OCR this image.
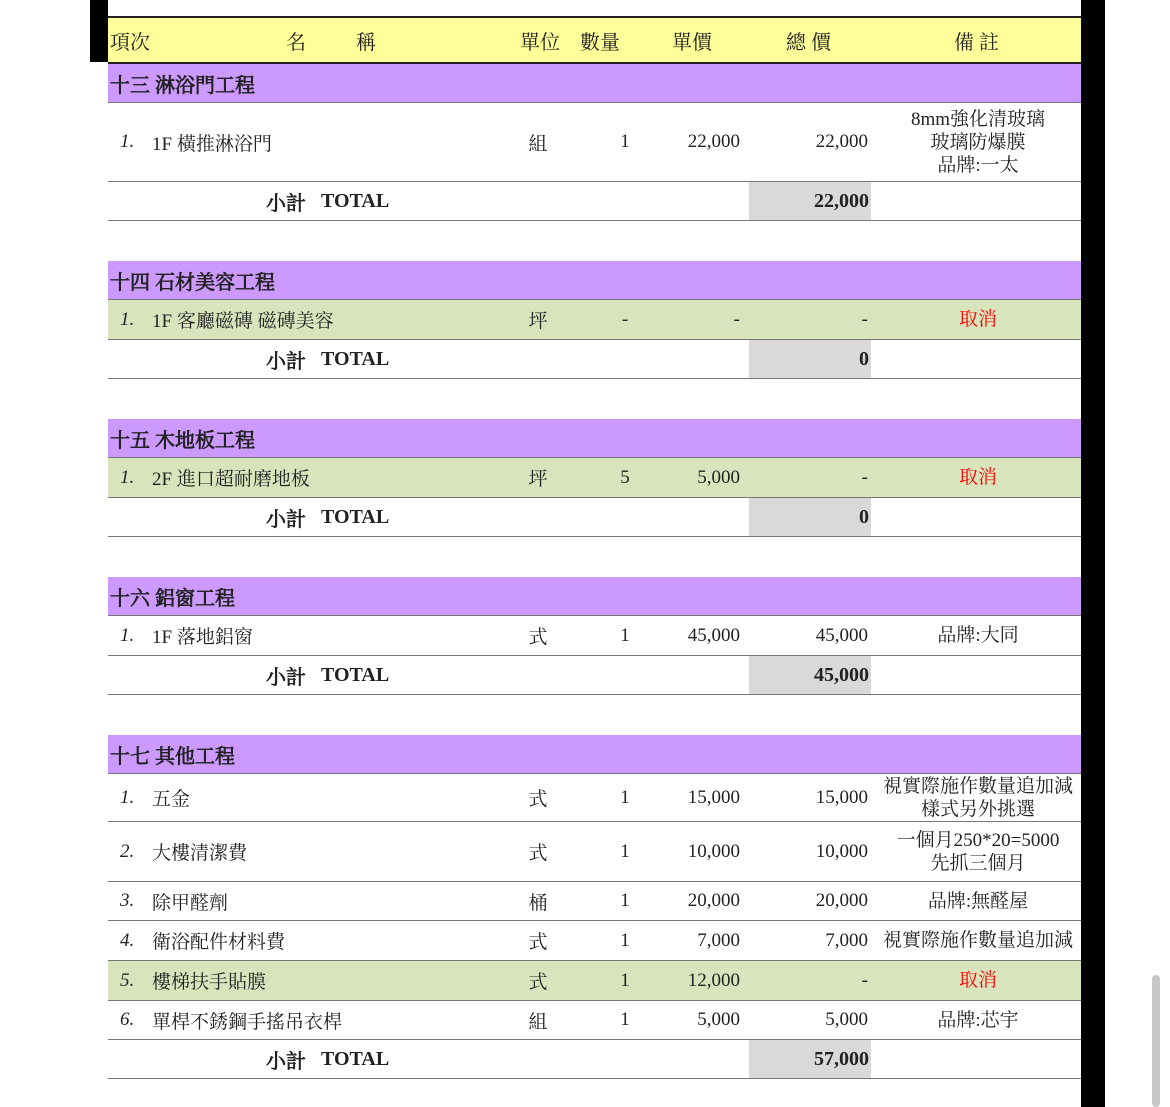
項次	名	稱	單位 數量	單價	總 價	備 註
十三 淋浴門工程
1. 1F 橫推淋浴門	組	1	22,000	22,000
8mm強化清玻璃
玻璃防爆膜
品牌:一太
小計
TOTAL	22,000
十四 石材美容工程
1. 1F 客廳磁磚 磁磚美容	坪	-	-	-	取消
小計
TOTAL	0
十五 木地板工程
1. 2F 進口超耐磨地板	坪	5	5,000	-	取消
小計
TOTAL	0
十六 鋁窗工程
1. 1F 落地鋁窗	式	1	45,000	45,000	品牌:大同
小計
TOTAL	45,000
十七 其他工程
1. 五金	式	1	15,000	15,000
視實際施作數量追加減
樣式另外挑選
2. 大樓清潔費	式	1	10,000	10,000
一個月250*20=5000
先抓三個月
3. 除甲醛劑	桶	1	20,000	20,000	品牌:無醛屋
4. 衛浴配件材料費	式	1	7,000	7,000 視實際施作數量追加減
5. 樓梯扶手貼膜	式	1	12,000	-	取消
6. 單桿不銹鋼手搖吊衣桿	組	1	5,000	5,000	品牌:芯宇
小計
TOTAL	57,000
